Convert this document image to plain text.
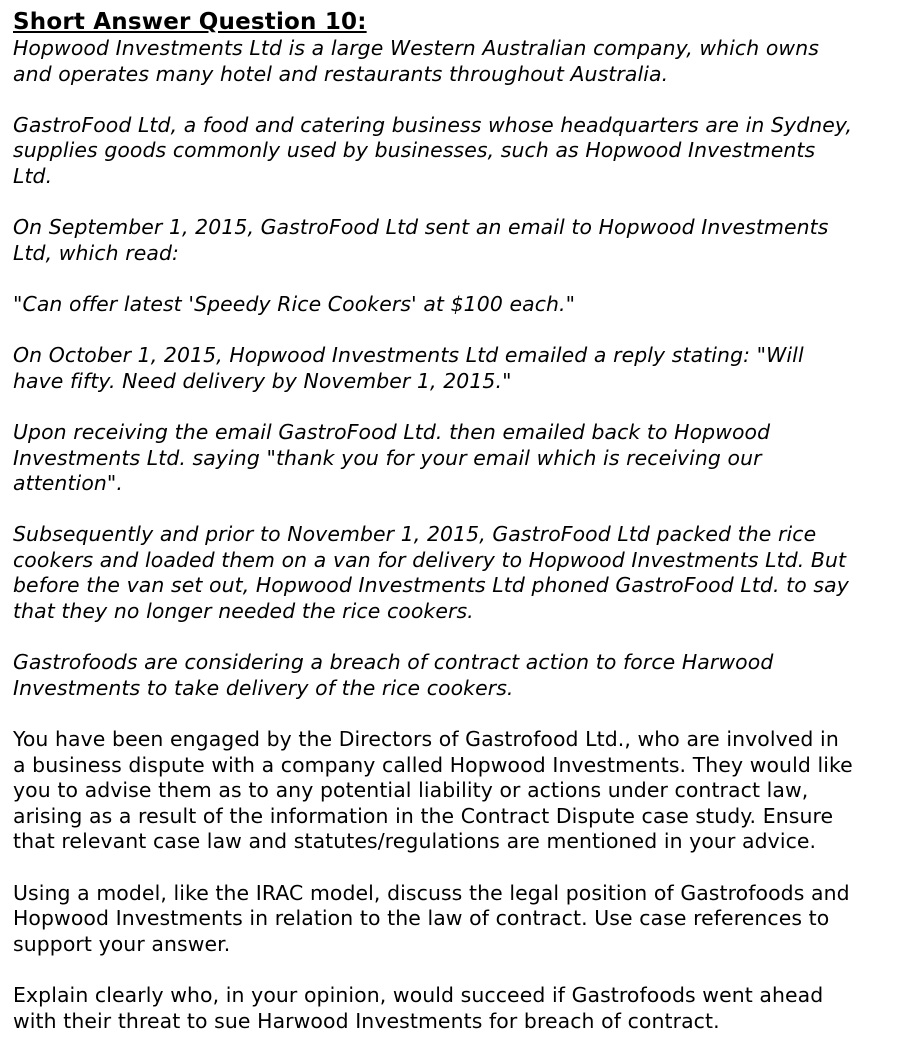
Short Answer Question 10:

Hopwood Investments Ltd is a large Western Australian company, which owns
and operates many hotel and restaurants throughout Australia.

GastroFood Ltd, a food and catering business whose headquarters are in Sydney,
supplies goods commonly used by businesses, such as Hopwood Investments
Ltd.

On September 1, 2015, GastroFood Ltd sent an email to Hopwood Investments
Ltd, which read:

"Can offer latest 'Speedy Rice Cookers' at $100 each."

On October 1, 2015, Hopwood Investments Ltd emailed a reply stating: "Will
have fifty. Need delivery by November 1, 2015."

Upon receiving the email GastroFood Ltd. then emailed back to Hopwood
Investments Ltd. saying "thank you for your email which is receiving our
attention".

Subsequently and prior to November 1, 2015, GastroFood Ltd packed the rice
cookers and loaded them on a van for delivery to Hopwood Investments Ltd. But
before the van set out, Hopwood Investments Ltd phoned GastroFood Ltd. to say
that they no longer needed the rice cookers.

Gastrofoods are considering a breach of contract action to force Harwood
Investments to take delivery of the rice cookers.

You have been engaged by the Directors of Gastrofood Ltd., who are involved in
a business dispute with a company called Hopwood Investments. They would like
you to advise them as to any potential liability or actions under contract law,
arising as a result of the information in the Contract Dispute case study. Ensure
that relevant case law and statutes/regulations are mentioned in your advice.

Using a model, like the IRAC model, discuss the legal position of Gastrofoods and
Hopwood Investments in relation to the law of contract. Use case references to
support your answer.

Explain clearly who, in your opinion, would succeed if Gastrofoods went ahead
with their threat to sue Harwood Investments for breach of contract.
